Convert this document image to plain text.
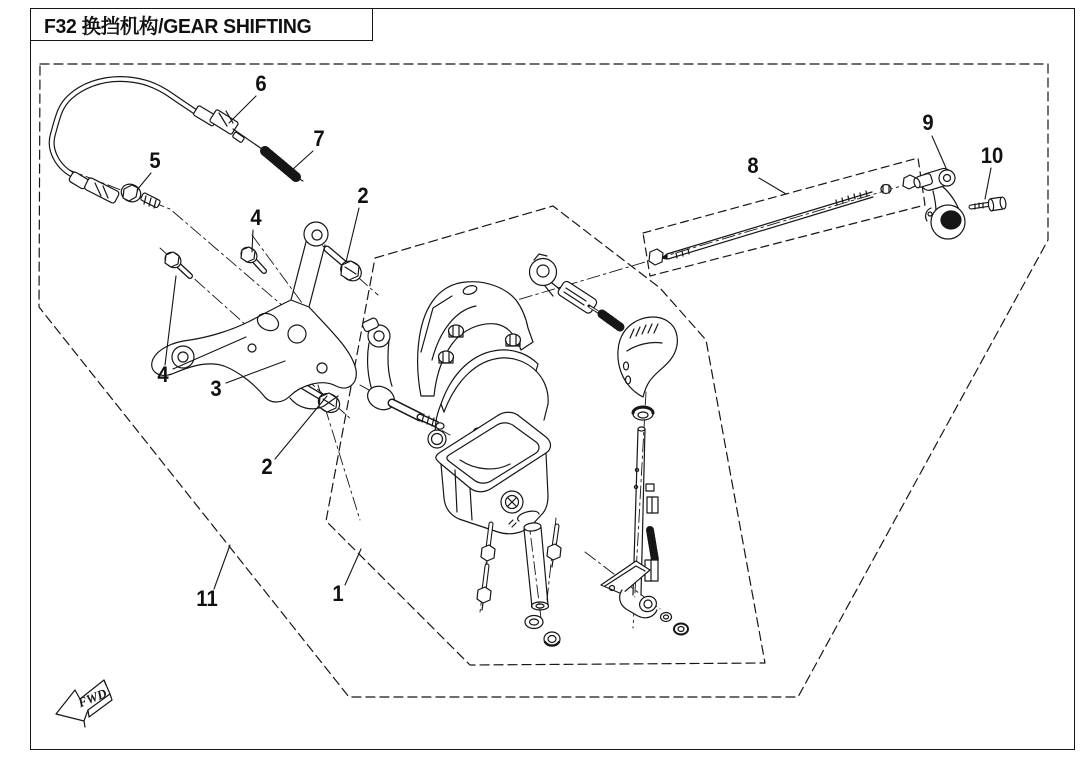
FWD
F32 换挡机构/GEAR SHIFTING
6
7
5
4
2
8
9
10
4
3
2
11	1
